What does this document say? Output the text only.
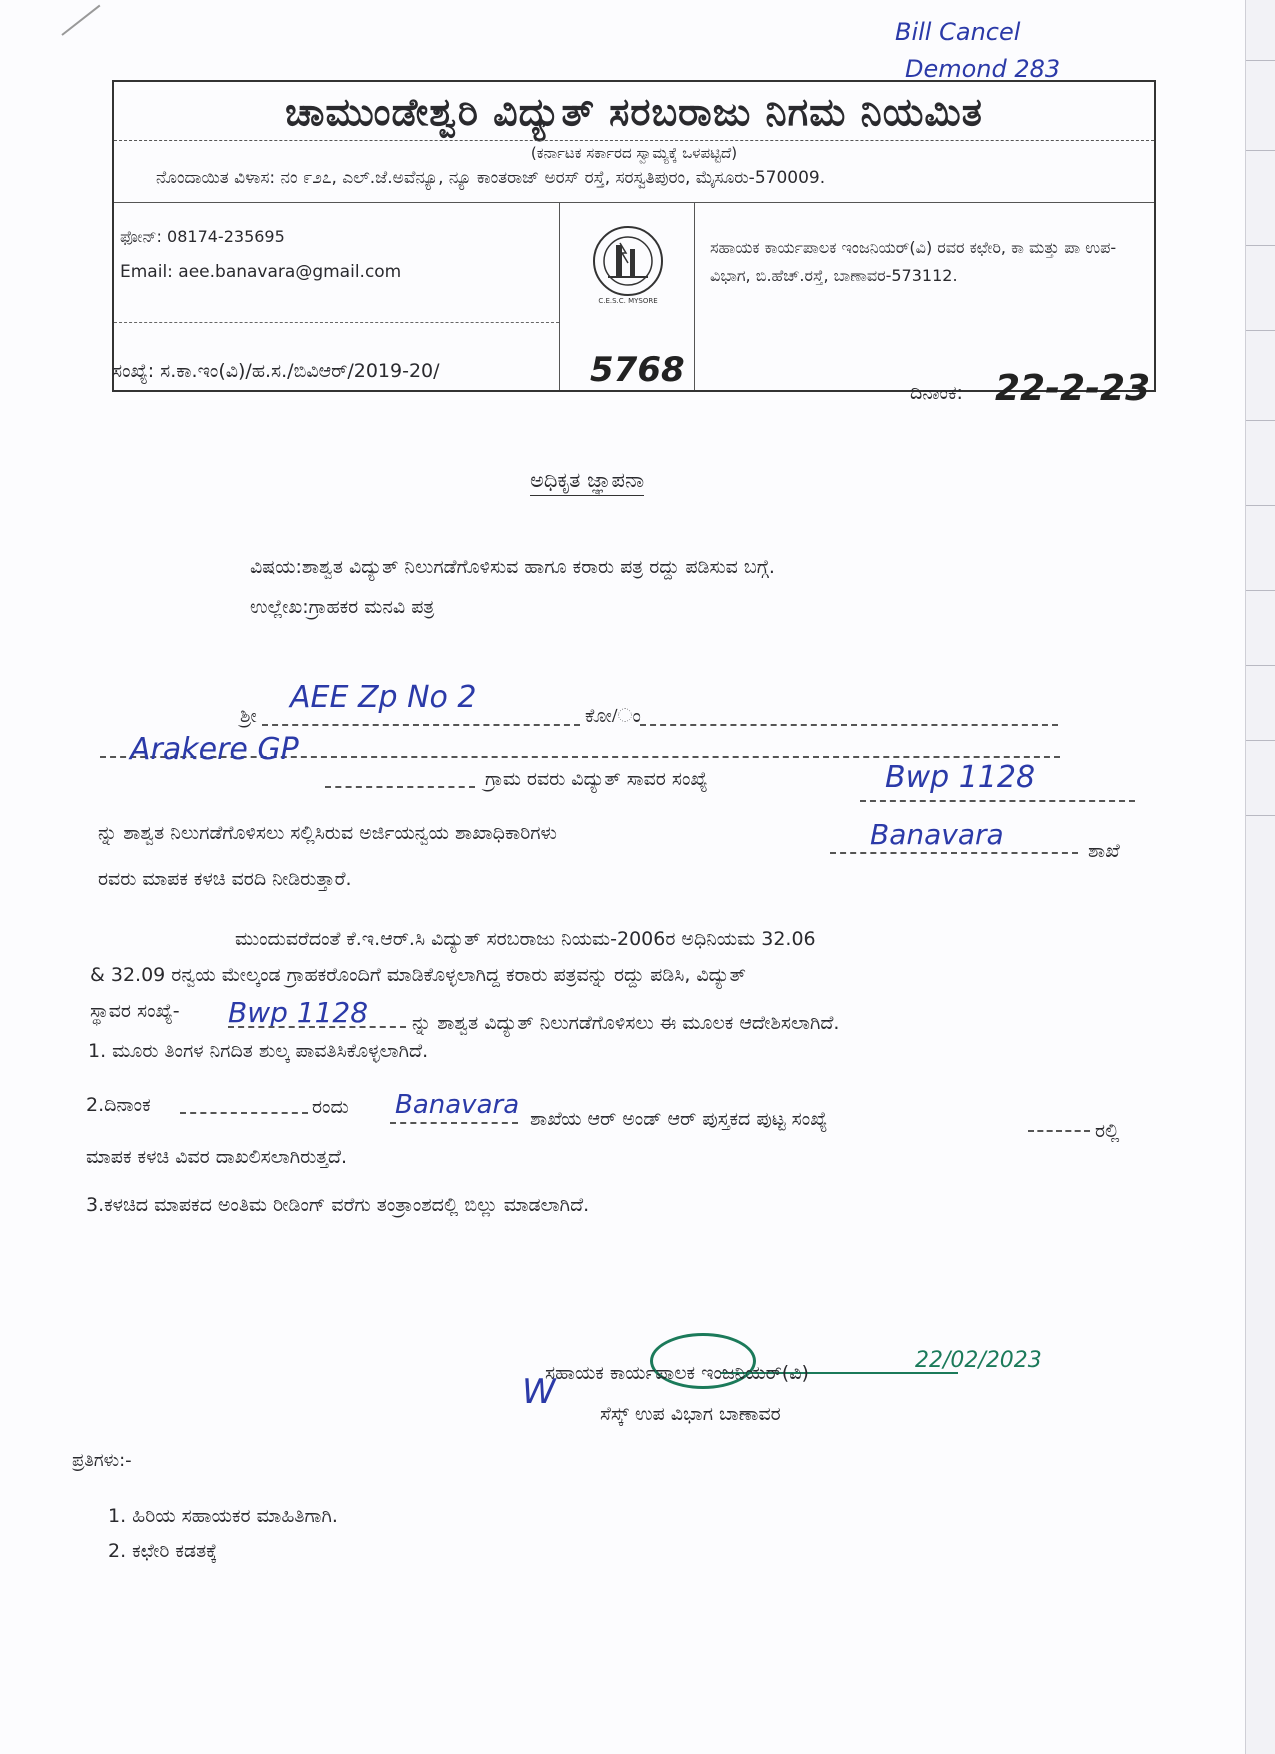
Bill Cancel
Demond 283
ಚಾಮುಂಡೇಶ್ವರಿ ವಿದ್ಯುತ್ ಸರಬರಾಜು ನಿಗಮ ನಿಯಮಿತ
(ಕರ್ನಾಟಕ ಸರ್ಕಾರದ ಸ್ವಾಮ್ಯಕ್ಕೆ ಒಳಪಟ್ಟಿದೆ)
ನೊಂದಾಯಿತ ವಿಳಾಸ: ನಂ ೯೨೭, ಎಲ್.ಜೆ.ಅವೆನ್ಯೂ, ನ್ಯೂ ಕಾಂತರಾಜ್ ಅರಸ್ ರಸ್ತೆ, ಸರಸ್ವತಿಪುರಂ, ಮೈಸೂರು-570009.
ಫೋನ್: 08174-235695
Email: aee.banavara@gmail.com
C.E.S.C. MYSORE
ಸಹಾಯಕ ಕಾರ್ಯಪಾಲಕ ಇಂಜನಿಯರ್(ವಿ) ರವರ ಕಛೇರಿ, ಕಾ ಮತ್ತು ಪಾ ಉಪ-ವಿಭಾಗ, ಬಿ.ಹೆಚ್.ರಸ್ತೆ, ಬಾಣಾವರ-573112.
ಸಂಖ್ಯೆ: ಸ.ಕಾ.ಇಂ(ವಿ)/ಹ.ಸ./ಬಿವಿಆರ್/2019-20/	5768
ದಿನಾಂಕ: 22-2-23
ಅಧಿಕೃತ ಜ್ಞಾಪನಾ
ವಿಷಯ:ಶಾಶ್ವತ ವಿದ್ಯುತ್ ನಿಲುಗಡೆಗೊಳಿಸುವ ಹಾಗೂ ಕರಾರು ಪತ್ರ ರದ್ದು ಪಡಿಸುವ ಬಗ್ಗೆ.
ಉಲ್ಲೇಖ:ಗ್ರಾಹಕರ ಮನವಿ ಪತ್ರ
ಶ್ರೀ
AEE Zp No 2
ಕೋ/ಂ
Arakere GP
ಗ್ರಾಮ ರವರು ವಿದ್ಯುತ್ ಸಾವರ ಸಂಖ್ಯೆ	Bwp 1128
ನ್ನು ಶಾಶ್ವತ ನಿಲುಗಡೆಗೊಳಿಸಲು ಸಲ್ಲಿಸಿರುವ ಅರ್ಜಿಯನ್ವಯ ಶಾಖಾಧಿಕಾರಿಗಳು	Banavara	ಶಾಖೆ
ರವರು ಮಾಪಕ ಕಳಚಿ ವರದಿ ನೀಡಿರುತ್ತಾರೆ.
ಮುಂದುವರೆದಂತೆ ಕೆ.ಇ.ಆರ್.ಸಿ ವಿದ್ಯುತ್ ಸರಬರಾಜು ನಿಯಮ-2006ರ ಅಧಿನಿಯಮ 32.06
& 32.09 ರನ್ವಯ ಮೇಲ್ಕಂಡ ಗ್ರಾಹಕರೊಂದಿಗೆ ಮಾಡಿಕೊಳ್ಳಲಾಗಿದ್ದ ಕರಾರು ಪತ್ರವನ್ನು ರದ್ದು ಪಡಿಸಿ, ವಿದ್ಯುತ್
ಸ್ಥಾವರ ಸಂಖ್ಯೆ- Bwp 1128 ನ್ನು ಶಾಶ್ವತ ವಿದ್ಯುತ್ ನಿಲುಗಡೆಗೊಳಿಸಲು ಈ ಮೂಲಕ ಆದೇಶಿಸಲಾಗಿದೆ.
1. ಮೂರು ತಿಂಗಳ ನಿಗದಿತ ಶುಲ್ಕ ಪಾವತಿಸಿಕೊಳ್ಳಲಾಗಿದೆ.
2.ದಿನಾಂಕ	ರಂದು Banavara ಶಾಖೆಯ ಆರ್ ಅಂಡ್ ಆರ್ ಪುಸ್ತಕದ ಪುಟ್ಟ ಸಂಖ್ಯೆ
ರಲ್ಲಿ
ಮಾಪಕ ಕಳಚಿ ವಿವರ ದಾಖಲಿಸಲಾಗಿರುತ್ತದೆ.
3.ಕಳಚಿದ ಮಾಪಕದ ಅಂತಿಮ ರೀಡಿಂಗ್ ವರೆಗು ತಂತ್ರಾಂಶದಲ್ಲಿ ಬಿಲ್ಲು ಮಾಡಲಾಗಿದೆ.
W
ಸಹಾಯಕ ಕಾರ್ಯಪಾಲಕ ಇಂಜನಿಯರ್(ವಿ)	22/02/2023
ಸೆಸ್ಕ್ ಉಪ ವಿಭಾಗ ಬಾಣಾವರ
ಪ್ರತಿಗಳು:-
1. ಹಿರಿಯ ಸಹಾಯಕರ ಮಾಹಿತಿಗಾಗಿ.
2. ಕಛೇರಿ ಕಡತಕ್ಕೆ
